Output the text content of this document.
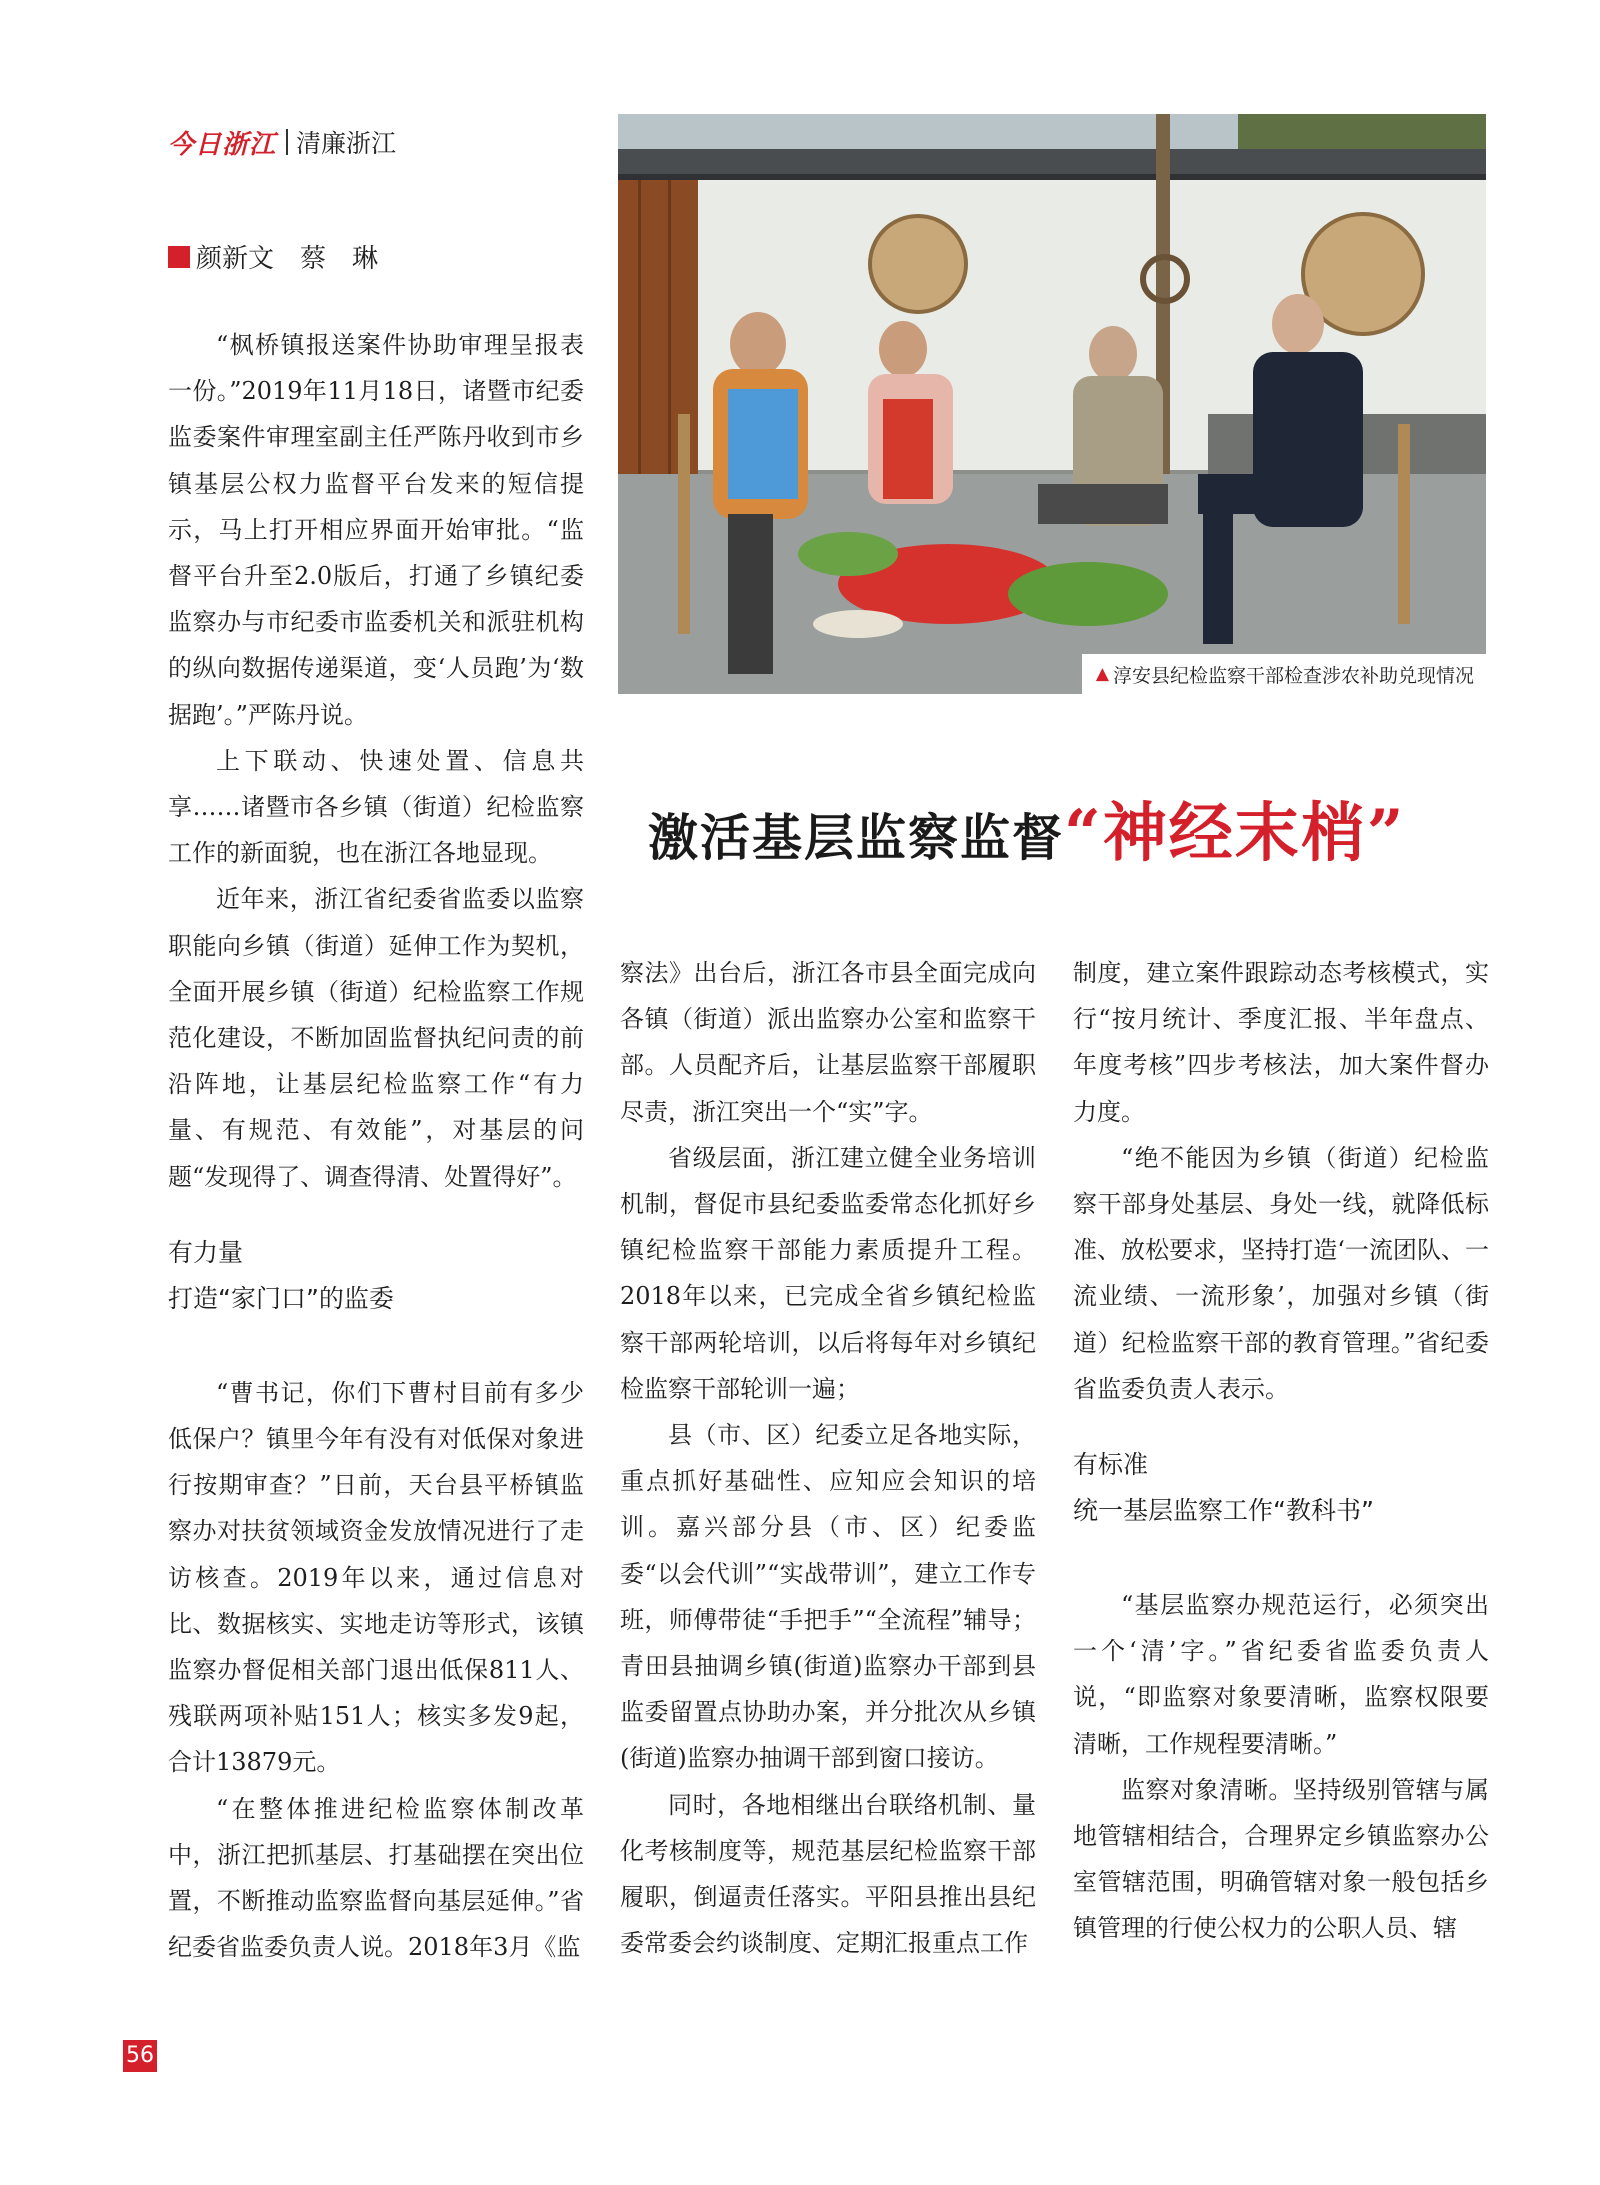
今日浙江 清廉浙江
颜新文　蔡　琳
▲ 淳安县纪检监察干部检查涉农补助兑现情况
激活基层监察监督 “神经末梢”

“枫桥镇报送案件协助审理呈报表一份。”2019年11月18日，诸暨市纪委监委案件审理室副主任严陈丹收到市乡镇基层公权力监督平台发来的短信提示，马上打开相应界面开始审批。“监督平台升至2.0版后，打通了乡镇纪委监察办与市纪委市监委机关和派驻机构的纵向数据传递渠道，变‘人员跑’为‘数据跑’。”严陈丹说。

上下联动、快速处置、信息共享……诸暨市各乡镇（街道）纪检监察工作的新面貌，也在浙江各地显现。

近年来，浙江省纪委省监委以监察职能向乡镇（街道）延伸工作为契机，全面开展乡镇（街道）纪检监察工作规范化建设，不断加固监督执纪问责的前沿阵地，让基层纪检监察工作“有力量、有规范、有效能”，对基层的问题“发现得了、调查得清、处置得好”。

有力量

打造“家门口”的监委

“曹书记，你们下曹村目前有多少低保户？镇里今年有没有对低保对象进行按期审查？”日前，天台县平桥镇监察办对扶贫领域资金发放情况进行了走访核查。2019年以来，通过信息对比、数据核实、实地走访等形式，该镇监察办督促相关部门退出低保811人、残联两项补贴151人；核实多发9起，合计13879元。

“在整体推进纪检监察体制改革中，浙江把抓基层、打基础摆在突出位置，不断推动监察监督向基层延伸。”省纪委省监委负责人说。2018年3月《监

察法》出台后，浙江各市县全面完成向各镇（街道）派出监察办公室和监察干部。人员配齐后，让基层监察干部履职尽责，浙江突出一个“实”字。

省级层面，浙江建立健全业务培训机制，督促市县纪委监委常态化抓好乡镇纪检监察干部能力素质提升工程。2018年以来，已完成全省乡镇纪检监察干部两轮培训，以后将每年对乡镇纪检监察干部轮训一遍；

县（市、区）纪委立足各地实际，重点抓好基础性、应知应会知识的培训。嘉兴部分县（市、区）纪委监委“以会代训”“实战带训”，建立工作专班，师傅带徒“手把手”“全流程”辅导；青田县抽调乡镇(街道)监察办干部到县监委留置点协助办案，并分批次从乡镇(街道)监察办抽调干部到窗口接访。

同时，各地相继出台联络机制、量化考核制度等，规范基层纪检监察干部履职，倒逼责任落实。平阳县推出县纪委常委会约谈制度、定期汇报重点工作

制度，建立案件跟踪动态考核模式，实行“按月统计、季度汇报、半年盘点、年度考核”四步考核法，加大案件督办力度。

“绝不能因为乡镇（街道）纪检监察干部身处基层、身处一线，就降低标准、放松要求，坚持打造‘一流团队、一流业绩、一流形象’，加强对乡镇（街道）纪检监察干部的教育管理。”省纪委省监委负责人表示。

有标准

统一基层监察工作“教科书”

“基层监察办规范运行，必须突出一个‘清’字。”省纪委省监委负责人说，“即监察对象要清晰，监察权限要清晰，工作规程要清晰。”

监察对象清晰。坚持级别管辖与属地管辖相结合，合理界定乡镇监察办公室管辖范围，明确管辖对象一般包括乡镇管理的行使公权力的公职人员、辖

56
